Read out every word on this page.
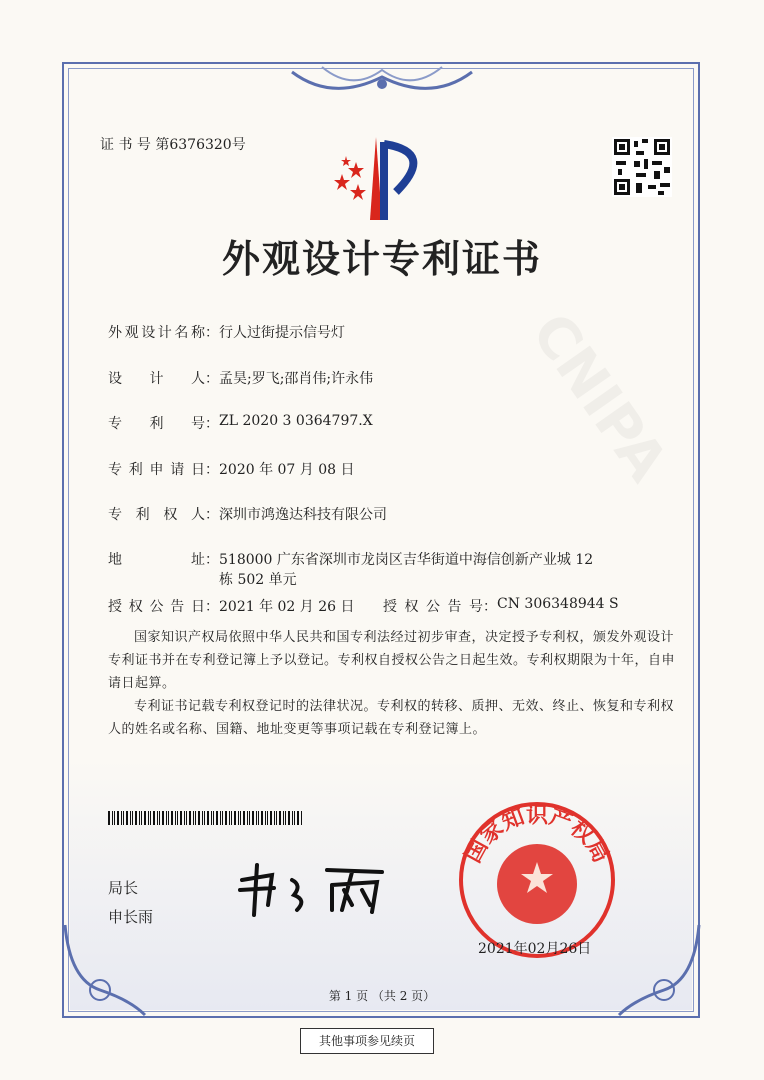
证 书 号 第6376320号
外观设计专利证书
外观设计名称 ： 行人过街提示信号灯
设计人 ： 孟昊;罗飞;邵肖伟;许永伟
专利号 ： ZL 2020 3 0364797.X
专利申请日 ： 2020 年 07 月 08 日
专利权人 ： 深圳市鸿逸达科技有限公司
地址 ： 518000 广东省深圳市龙岗区吉华街道中海信创新产业城 12 栋 502 单元
授权公告日 ： 2021 年 02 月 26 日	授权公告号 ： CN 306348944 S

国家知识产权局依照中华人民共和国专利法经过初步审查，决定授予专利权，颁发外观设计专利证书并在专利登记簿上予以登记。专利权自授权公告之日起生效。专利权期限为十年，自申请日起算。

专利证书记载专利权登记时的法律状况。专利权的转移、质押、无效、终止、恢复和专利权人的姓名或名称、国籍、地址变更等事项记载在专利登记簿上。

局长
申长雨
国家知识产权局
2021年02月26日
第 1 页 （共 2 页）
其他事项参见续页
